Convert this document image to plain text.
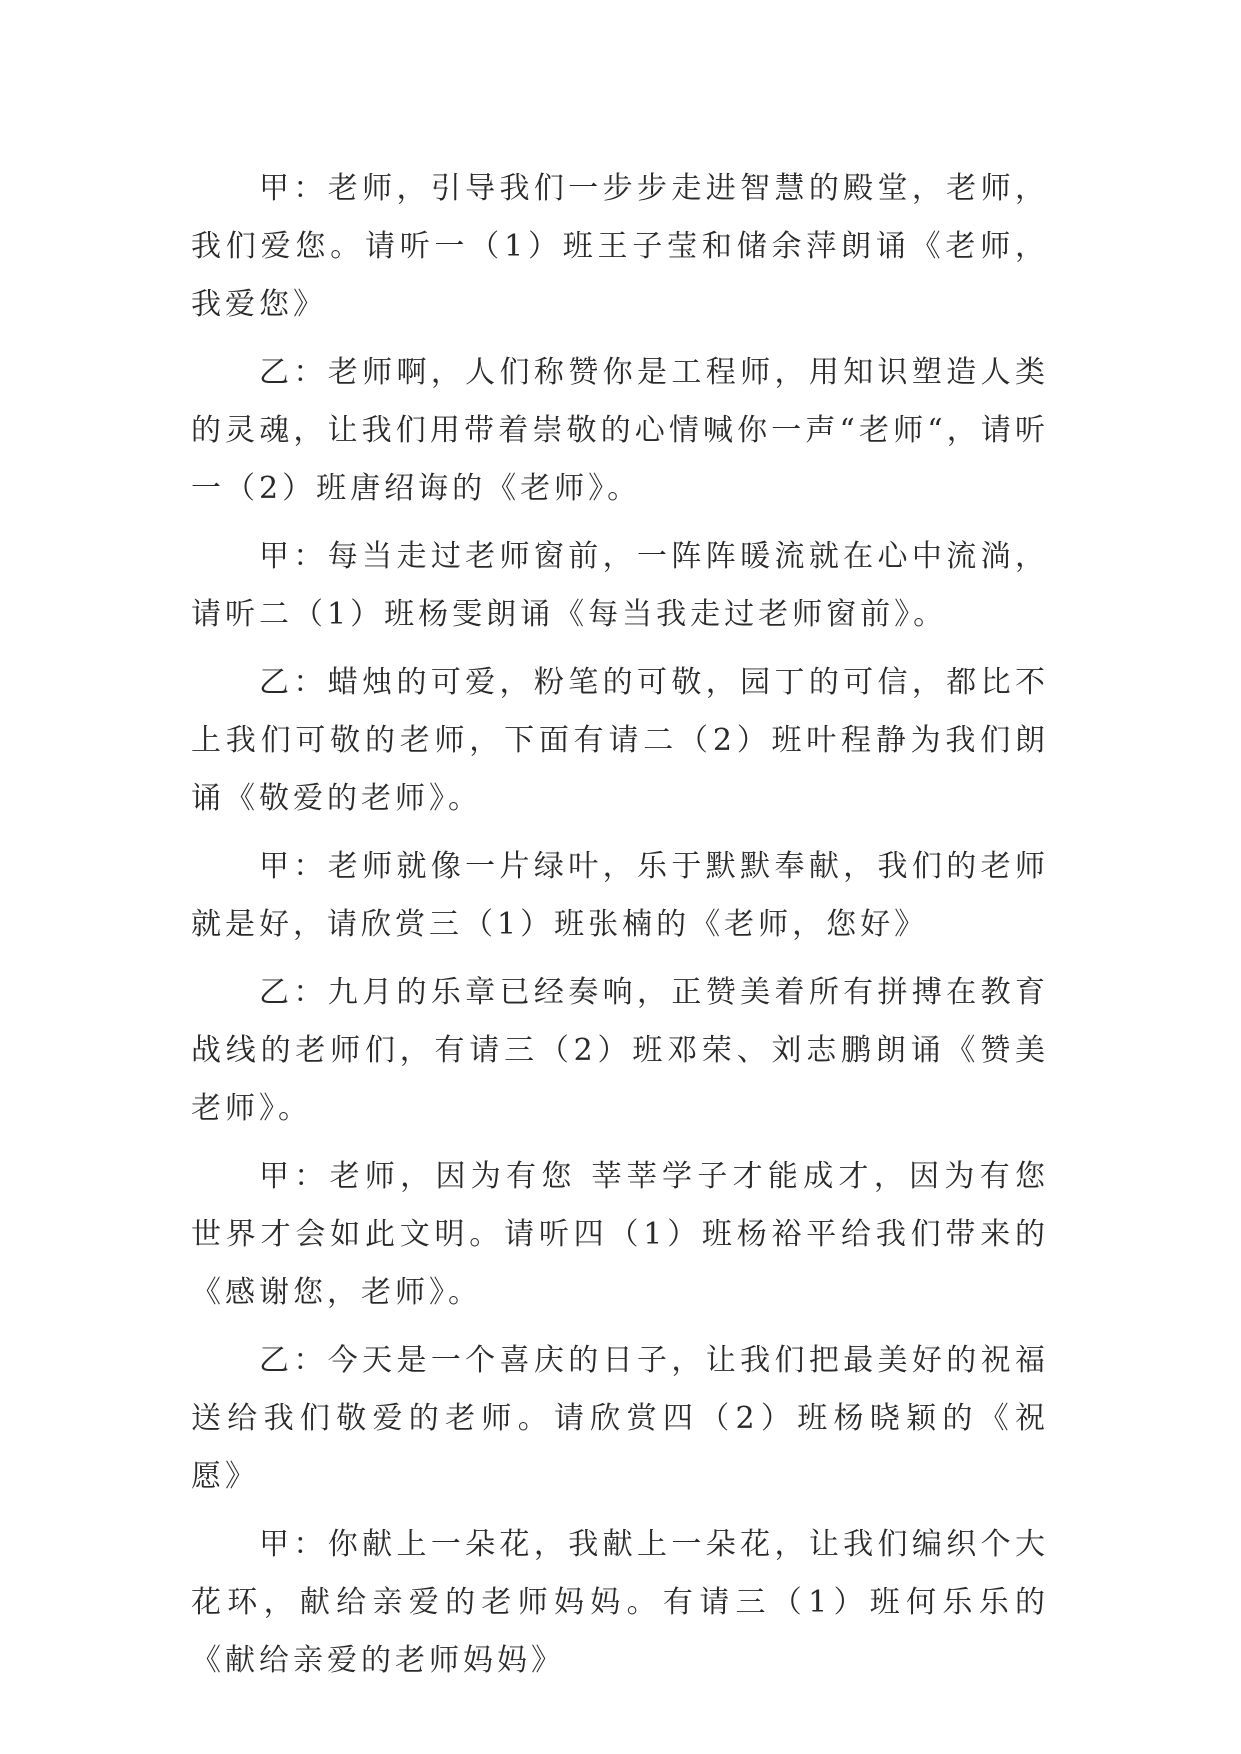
甲：老师，引导我们一步步走进智慧的殿堂，老师，我们爱您。请听一（1）班王子莹和储余萍朗诵《老师，我爱您》

乙：老师啊，人们称赞你是工程师，用知识塑造人类的灵魂，让我们用带着崇敬的心情喊你一声“老师“，请听一（2）班唐绍诲的《老师》。

甲：每当走过老师窗前，一阵阵暖流就在心中流淌，请听二（1）班杨雯朗诵《每当我走过老师窗前》。

乙：蜡烛的可爱，粉笔的可敬，园丁的可信，都比不上我们可敬的老师，下面有请二（2）班叶程静为我们朗诵《敬爱的老师》。

甲：老师就像一片绿叶，乐于默默奉献，我们的老师就是好，请欣赏三（1）班张楠的《老师，您好》

乙：九月的乐章已经奏响，正赞美着所有拼搏在教育战线的老师们，有请三（2）班邓荣、刘志鹏朗诵《赞美老师》。

甲：老师，因为有您 莘莘学子才能成才，因为有您 世界才会如此文明。请听四（1）班杨裕平给我们带来的《感谢您，老师》。

乙：今天是一个喜庆的日子，让我们把最美好的祝福送给我们敬爱的老师。请欣赏四（2）班杨晓颖的《祝愿》

甲：你献上一朵花，我献上一朵花，让我们编织个大花环，献给亲爱的老师妈妈。有请三（1）班何乐乐的《献给亲爱的老师妈妈》
